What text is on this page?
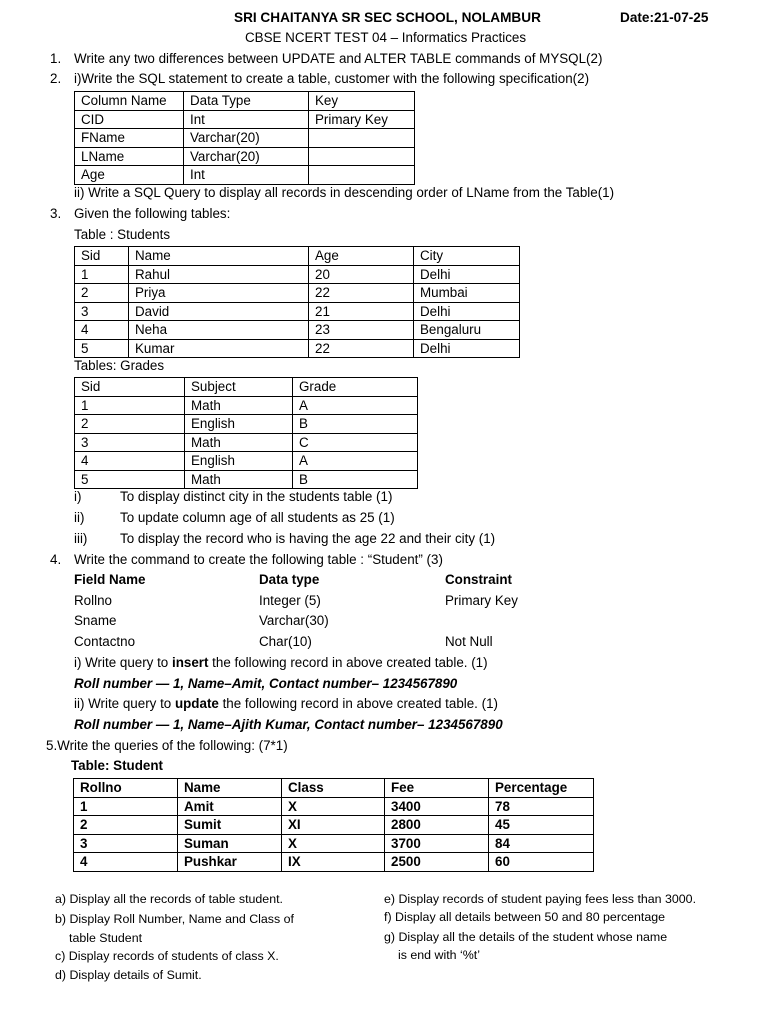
SRI CHAITANYA SR SEC SCHOOL, NOLAMBUR	Date:21-07-25
CBSE NCERT TEST 04 – Informatics Practices
1. Write any two differences between UPDATE and ALTER TABLE commands of MYSQL(2)
2. i)Write the SQL statement to create a table, customer with the following specification(2)
Column Name	Data Type	Key
CID	Int	Primary Key
FName	Varchar(20)	
LName	Varchar(20)	
Age	Int	
ii) Write a SQL Query to display all records in descending order of LName from the Table(1)
3. Given the following tables:
Table : Students
Sid	Name	Age	City
1	Rahul	20	Delhi
2	Priya	22	Mumbai
3	David	21	Delhi
4	Neha	23	Bengaluru
5	Kumar	22	Delhi
Tables: Grades
Sid	Subject	Grade
1	Math	A
2	English	B
3	Math	C
4	English	A
5	Math	B
i)	To display distinct city in the students table (1)
ii)	To update column age of all students as 25 (1)
iii) To display the record who is having the age 22 and their city (1)
4. Write the command to create the following table : “Student” (3)
Field Name	Data type	Constraint
Rollno	Integer (5)	Primary Key
Sname	Varchar(30)
Contactno	Char(10)	Not Null
i) Write query to insert the following record in above created table. (1)
Roll number — 1, Name–Amit, Contact number– 1234567890
ii) Write query to update the following record in above created table. (1)
Roll number — 1, Name–Ajith Kumar, Contact number– 1234567890
5.Write the queries of the following: (7*1)
Table: Student
Rollno	Name	Class	Fee	Percentage
1	Amit	X	3400	78
2	Sumit	XI	2800	45
3	Suman	X	3700	84
4	Pushkar	IX	2500	60
a) Display all the records of table student.
b) Display Roll Number, Name and Class of
table Student
c) Display records of students of class X.
d) Display details of Sumit.
e) Display records of student paying fees less than 3000.
f) Display all details between 50 and 80 percentage
g) Display all the details of the student whose name
is end with ‘%t’
